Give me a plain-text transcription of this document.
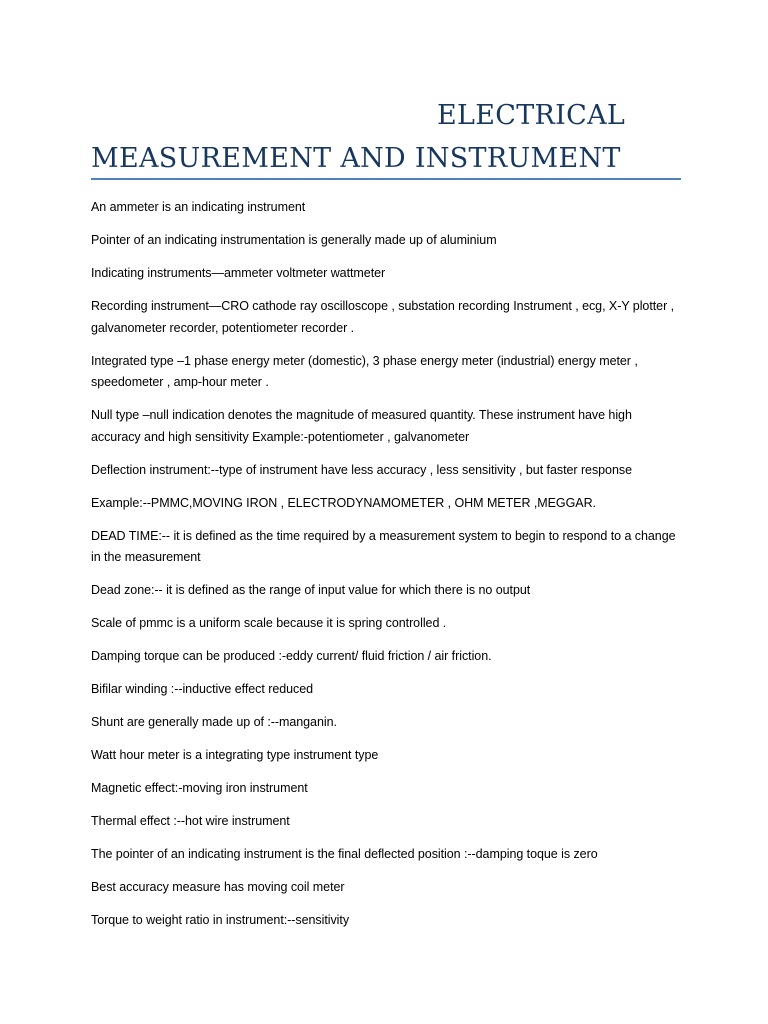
ELECTRICAL
MEASUREMENT AND INSTRUMENT

An ammeter is an indicating instrument

Pointer of an indicating instrumentation is generally made up of aluminium

Indicating instruments—ammeter voltmeter wattmeter

Recording instrument—CRO cathode ray oscilloscope , substation recording Instrument , ecg, X-Y plotter , galvanometer recorder, potentiometer recorder .

Integrated type –1 phase energy meter (domestic), 3 phase energy meter (industrial) energy meter , speedometer , amp-hour meter .

Null type –null indication denotes the magnitude of measured quantity. These instrument have high accuracy and high sensitivity Example:-potentiometer , galvanometer

Deflection instrument:--type of instrument have less accuracy , less sensitivity , but faster response

Example:--PMMC,MOVING IRON , ELECTRODYNAMOMETER , OHM METER ,MEGGAR.

DEAD TIME:-- it is defined as the time required by a measurement system to begin to respond to a change in the measurement

Dead zone:-- it is defined as the range of input value for which there is no output

Scale of pmmc is a uniform scale because it is spring controlled .

Damping torque can be produced :-eddy current/ fluid friction / air friction.

Bifilar winding :--inductive effect reduced

Shunt are generally made up of :--manganin.

Watt hour meter is a integrating type instrument type

Magnetic effect:-moving iron instrument

Thermal effect :--hot wire instrument

The pointer of an indicating instrument is the final deflected position :--damping toque is zero

Best accuracy measure has moving coil meter

Torque to weight ratio in instrument:--sensitivity
